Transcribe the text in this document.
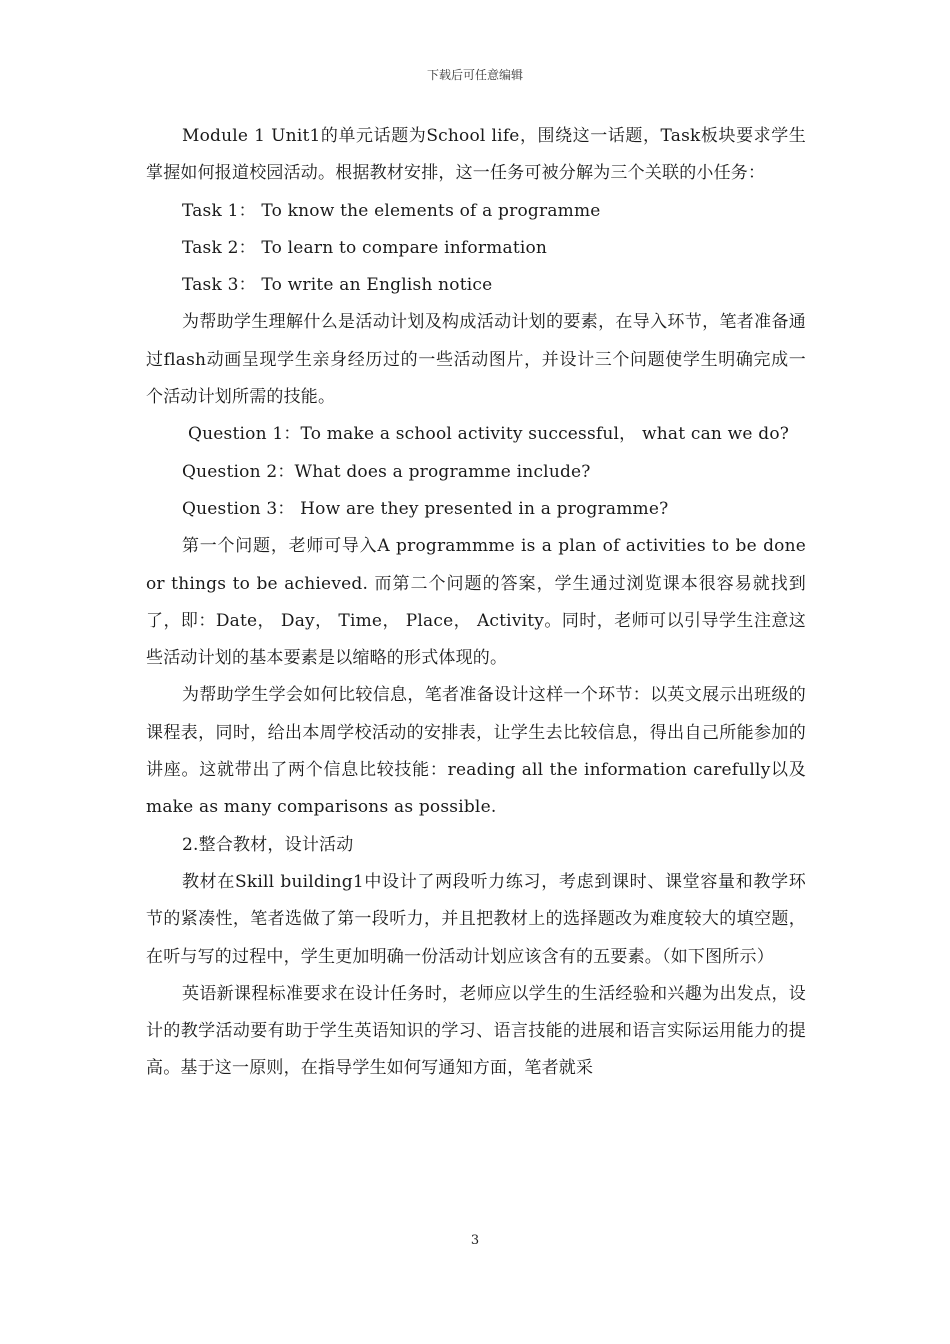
下载后可任意编辑

Module 1 Unit1的单元话题为School life，围绕这一话题，Task板块要求学生掌握如何报道校园活动。根据教材安排，这一任务可被分解为三个关联的小任务：

Task 1： To know the elements of a programme

Task 2： To learn to compare information

Task 3： To write an English notice

为帮助学生理解什么是活动计划及构成活动计划的要素，在导入环节，笔者准备通过flash动画呈现学生亲身经历过的一些活动图片，并设计三个问题使学生明确完成一个活动计划所需的技能。

Question 1：To make a school activity successful， what can we do?

Question 2：What does a programme include?

Question 3： How are they presented in a programme?

第一个问题，老师可导入A programmme is a plan of activities to be done or things to be achieved. 而第二个问题的答案，学生通过浏览课本很容易就找到了，即：Date， Day， Time， Place， Activity。同时，老师可以引导学生注意这些活动计划的基本要素是以缩略的形式体现的。

为帮助学生学会如何比较信息，笔者准备设计这样一个环节：以英文展示出班级的课程表，同时，给出本周学校活动的安排表，让学生去比较信息，得出自己所能参加的讲座。这就带出了两个信息比较技能：reading all the information carefully以及make as many comparisons as possible.

2.整合教材，设计活动

教材在Skill building1中设计了两段听力练习，考虑到课时、课堂容量和教学环节的紧凑性，笔者选做了第一段听力，并且把教材上的选择题改为难度较大的填空题，在听与写的过程中，学生更加明确一份活动计划应该含有的五要素。（如下图所示）

英语新课程标准要求在设计任务时，老师应以学生的生活经验和兴趣为出发点，设计的教学活动要有助于学生英语知识的学习、语言技能的进展和语言实际运用能力的提高。基于这一原则，在指导学生如何写通知方面，笔者就采

3
